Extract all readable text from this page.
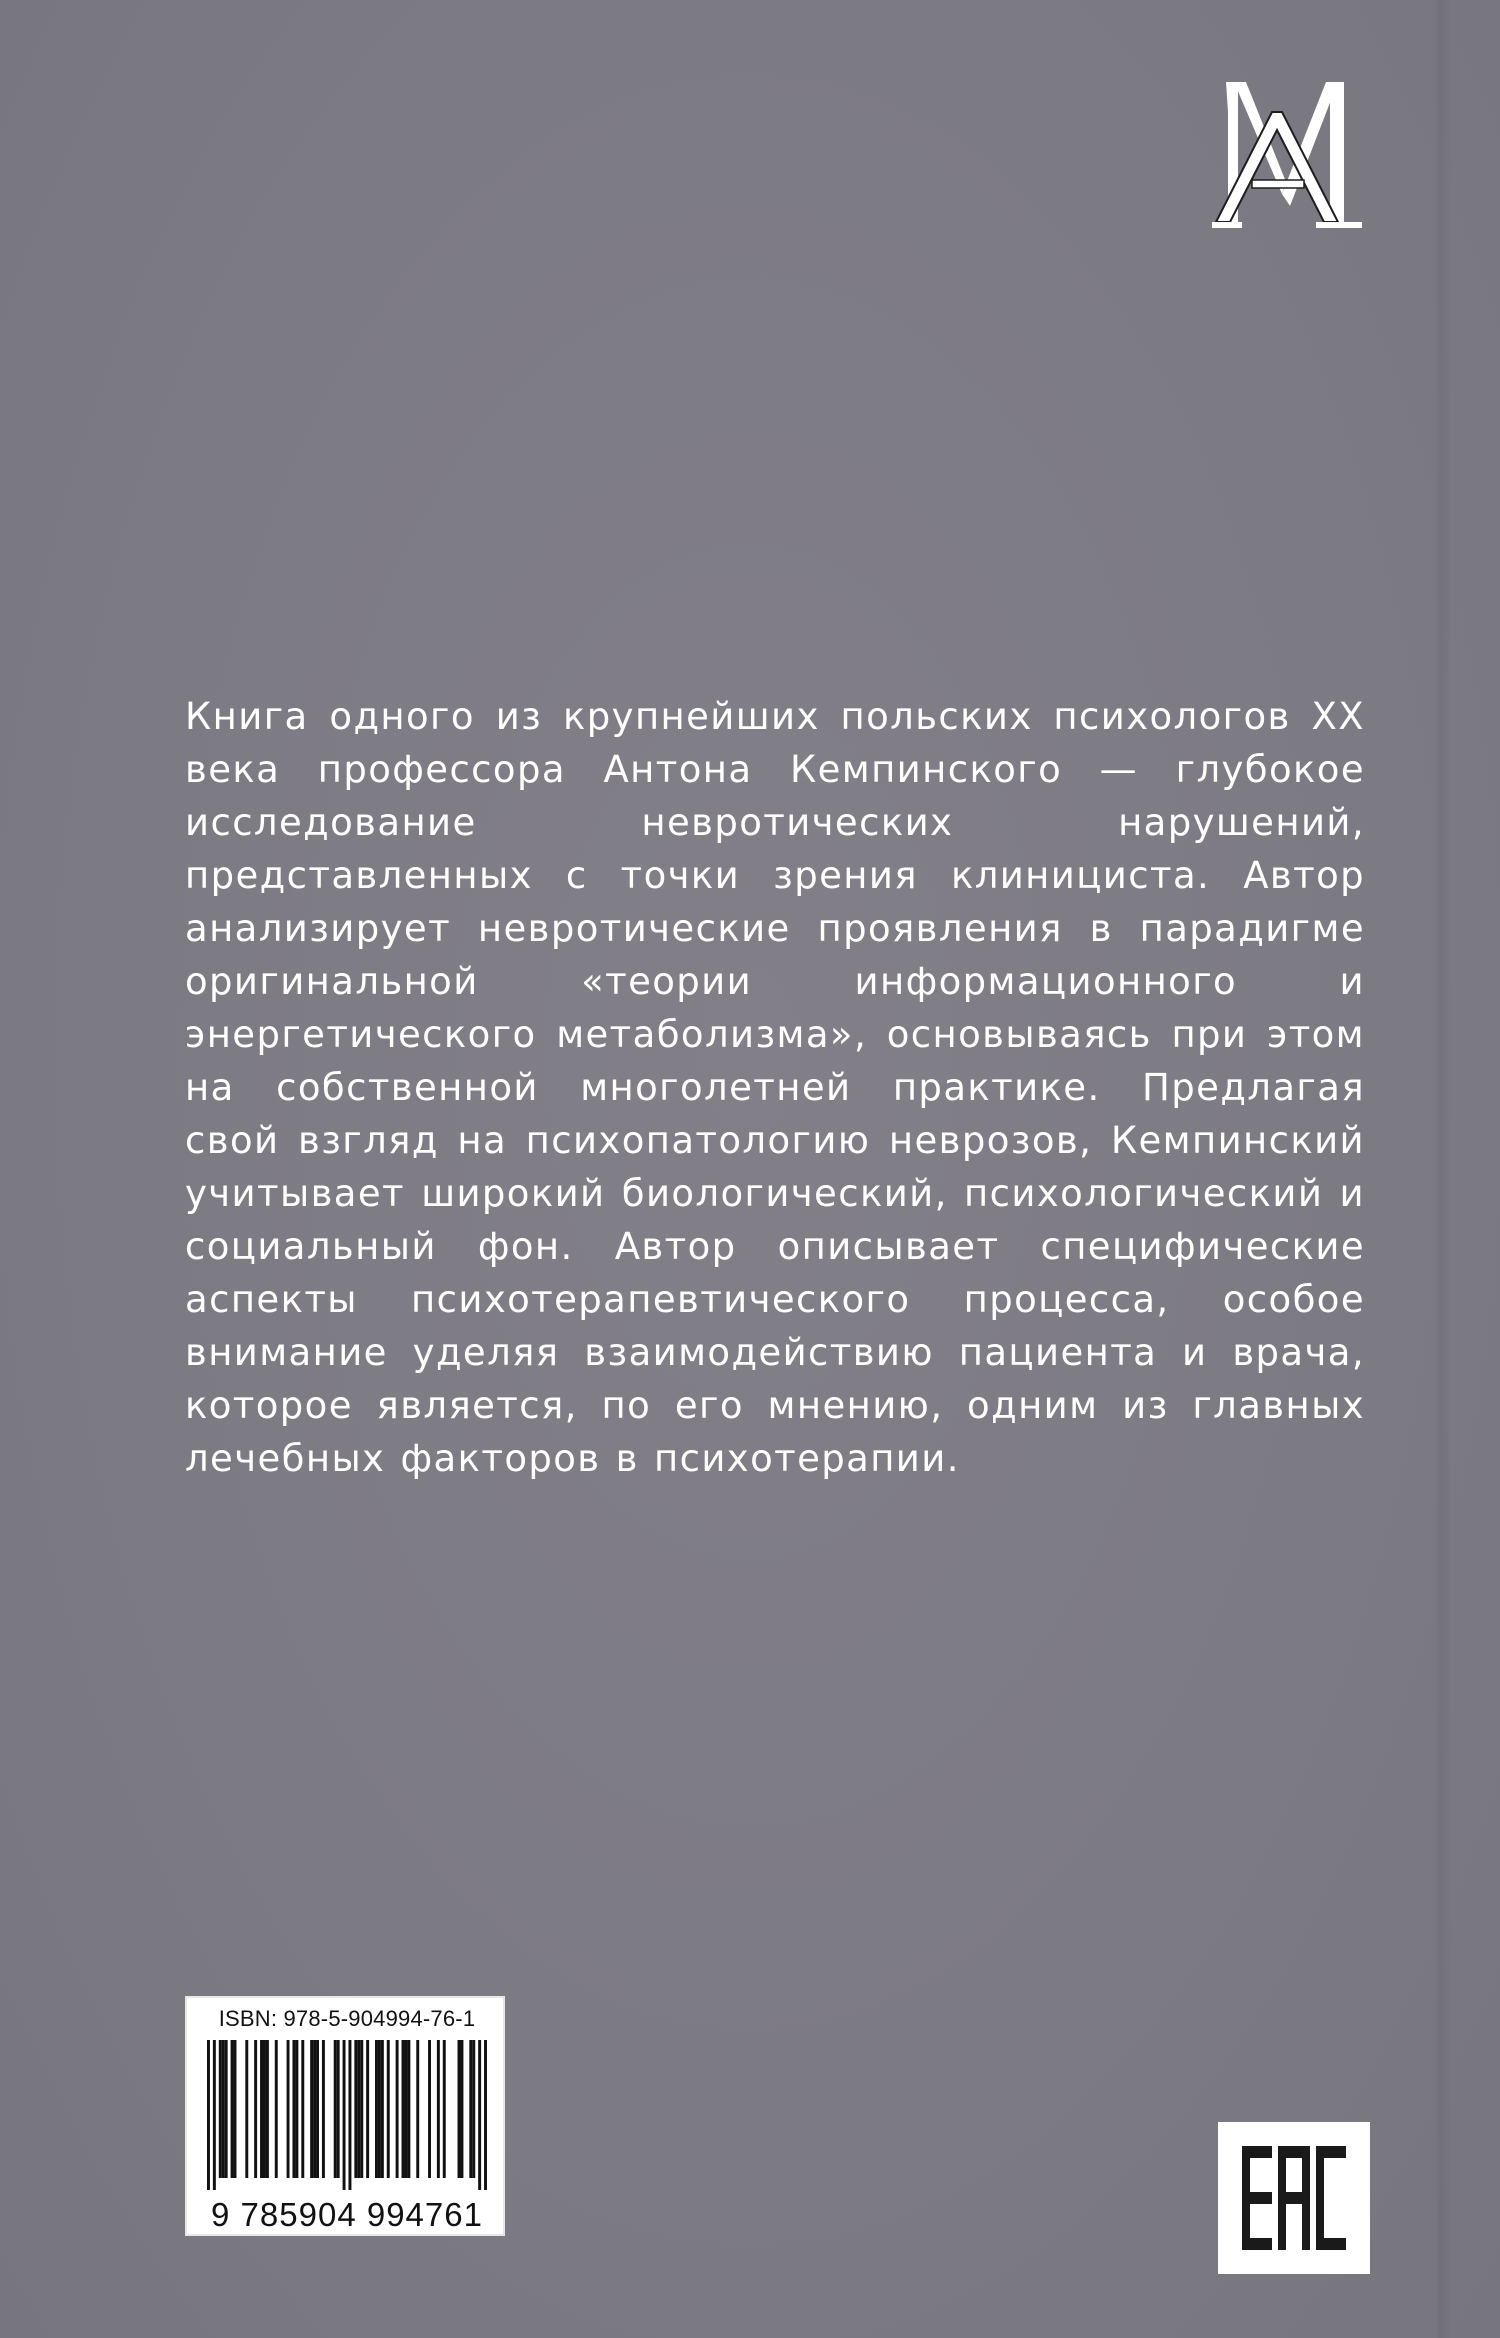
Книга одного из крупнейших польских психологов XX века профессора Антона Кемпинского — глубокое исследование невротических нарушений, представленных с точки зрения клинициста. Автор анализирует невротические проявления в парадигме оригинальной «теории информационного и энергетического метаболизма», основываясь при этом на собственной многолетней практике. Предлагая свой взгляд на психопатологию неврозов, Кемпинский учитывает широкий биологический, психологический и социальный фон. Автор описывает специфические аспекты психотерапевтического процесса, особое внимание уделяя взаимодействию пациента и врача, которое является, по его мнению, одним из главных лечебных факторов в психотерапии.

ISBN: 978-5-904994-76-1
9 785904 994761
